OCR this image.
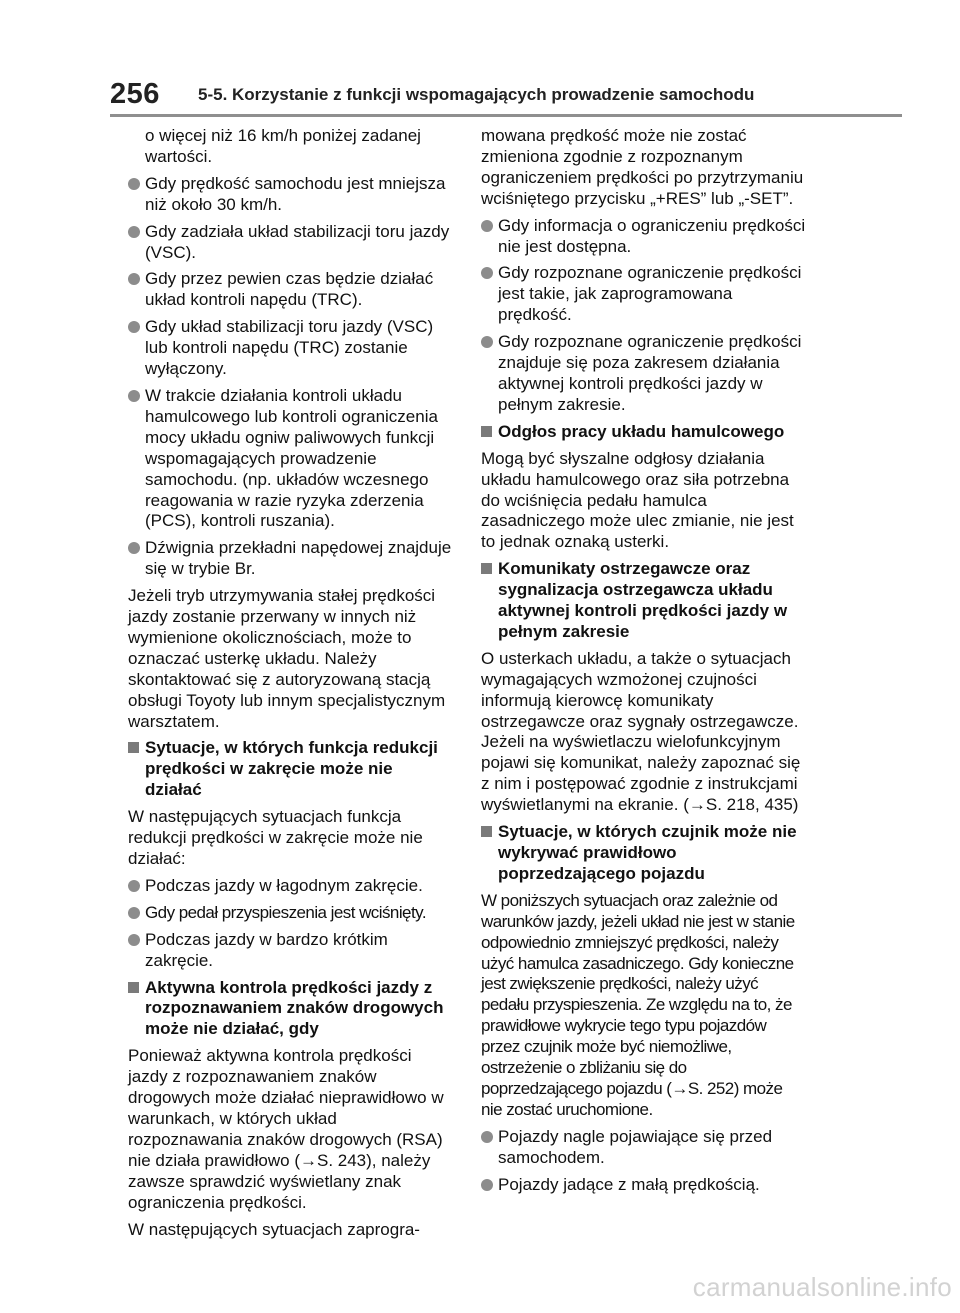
256 5-5. Korzystanie z funkcji wspomagających prowadzenie samochodu
o więcej niż 16 km/h poniżej zadanej wartości.
Gdy prędkość samochodu jest mniejsza niż około 30 km/h.
Gdy zadziała układ stabilizacji toru jazdy (VSC).
Gdy przez pewien czas będzie działać układ kontroli napędu (TRC).
Gdy układ stabilizacji toru jazdy (VSC) lub kontroli napędu (TRC) zostanie wyłączony.
W trakcie działania kontroli układu hamulcowego lub kontroli ograniczenia mocy układu ogniw paliwowych funkcji wspomagających prowadzenie samochodu. (np. układów wczesnego reagowania w razie ryzyka zderzenia (PCS), kontroli ruszania).
Dźwignia przekładni napędowej znajduje się w trybie Br.
Jeżeli tryb utrzymywania stałej prędkości jazdy zostanie przerwany w innych niż wymienione okolicznościach, może to oznaczać usterkę układu. Należy skontaktować się z autoryzowaną stacją obsługi Toyoty lub innym specjalistycznym warsztatem.
Sytuacje, w których funkcja redukcji prędkości w zakręcie może nie działać
W następujących sytuacjach funkcja redukcji prędkości w zakręcie może nie działać:
Podczas jazdy w łagodnym zakręcie.
Gdy pedał przyspieszenia jest wciśnięty.
Podczas jazdy w bardzo krótkim zakręcie.
Aktywna kontrola prędkości jazdy z rozpoznawaniem znaków drogowych może nie działać, gdy
Ponieważ aktywna kontrola prędkości jazdy z rozpoznawaniem znaków drogowych może działać nieprawidłowo w warunkach, w których układ rozpoznawania znaków drogowych (RSA) nie działa prawidłowo (→S. 243), należy zawsze sprawdzić wyświetlany znak ograniczenia prędkości.
W następujących sytuacjach zaprogra-
mowana prędkość może nie zostać zmieniona zgodnie z rozpoznanym ograniczeniem prędkości po przytrzymaniu wciśniętego przycisku „+RES” lub „-SET”.
Gdy informacja o ograniczeniu prędkości nie jest dostępna.
Gdy rozpoznane ograniczenie prędkości jest takie, jak zaprogramowana prędkość.
Gdy rozpoznane ograniczenie prędkości znajduje się poza zakresem działania aktywnej kontroli prędkości jazdy w pełnym zakresie.
Odgłos pracy układu hamulcowego
Mogą być słyszalne odgłosy działania układu hamulcowego oraz siła potrzebna do wciśnięcia pedału hamulca zasadniczego może ulec zmianie, nie jest to jednak oznaką usterki.
Komunikaty ostrzegawcze oraz sygnalizacja ostrzegawcza układu aktywnej kontroli prędkości jazdy w pełnym zakresie
O usterkach układu, a także o sytuacjach wymagających wzmożonej czujności informują kierowcę komunikaty ostrzegawcze oraz sygnały ostrzegawcze. Jeżeli na wyświetlaczu wielofunkcyjnym pojawi się komunikat, należy zapoznać się z nim i postępować zgodnie z instrukcjami wyświetlanymi na ekranie. (→S. 218, 435)
Sytuacje, w których czujnik może nie wykrywać prawidłowo poprzedzającego pojazdu
W poniższych sytuacjach oraz zależnie od warunków jazdy, jeżeli układ nie jest w stanie odpowiednio zmniejszyć prędkości, należy użyć hamulca zasadniczego. Gdy konieczne jest zwiększenie prędkości, należy użyć pedału przyspieszenia. Ze względu na to, że prawidłowe wykrycie tego typu pojazdów przez czujnik może być niemożliwe, ostrzeżenie o zbliżaniu się do poprzedzającego pojazdu (→S. 252) może nie zostać uruchomione.
Pojazdy nagle pojawiające się przed samochodem.
Pojazdy jadące z małą prędkością.
carmanualsonline.info
